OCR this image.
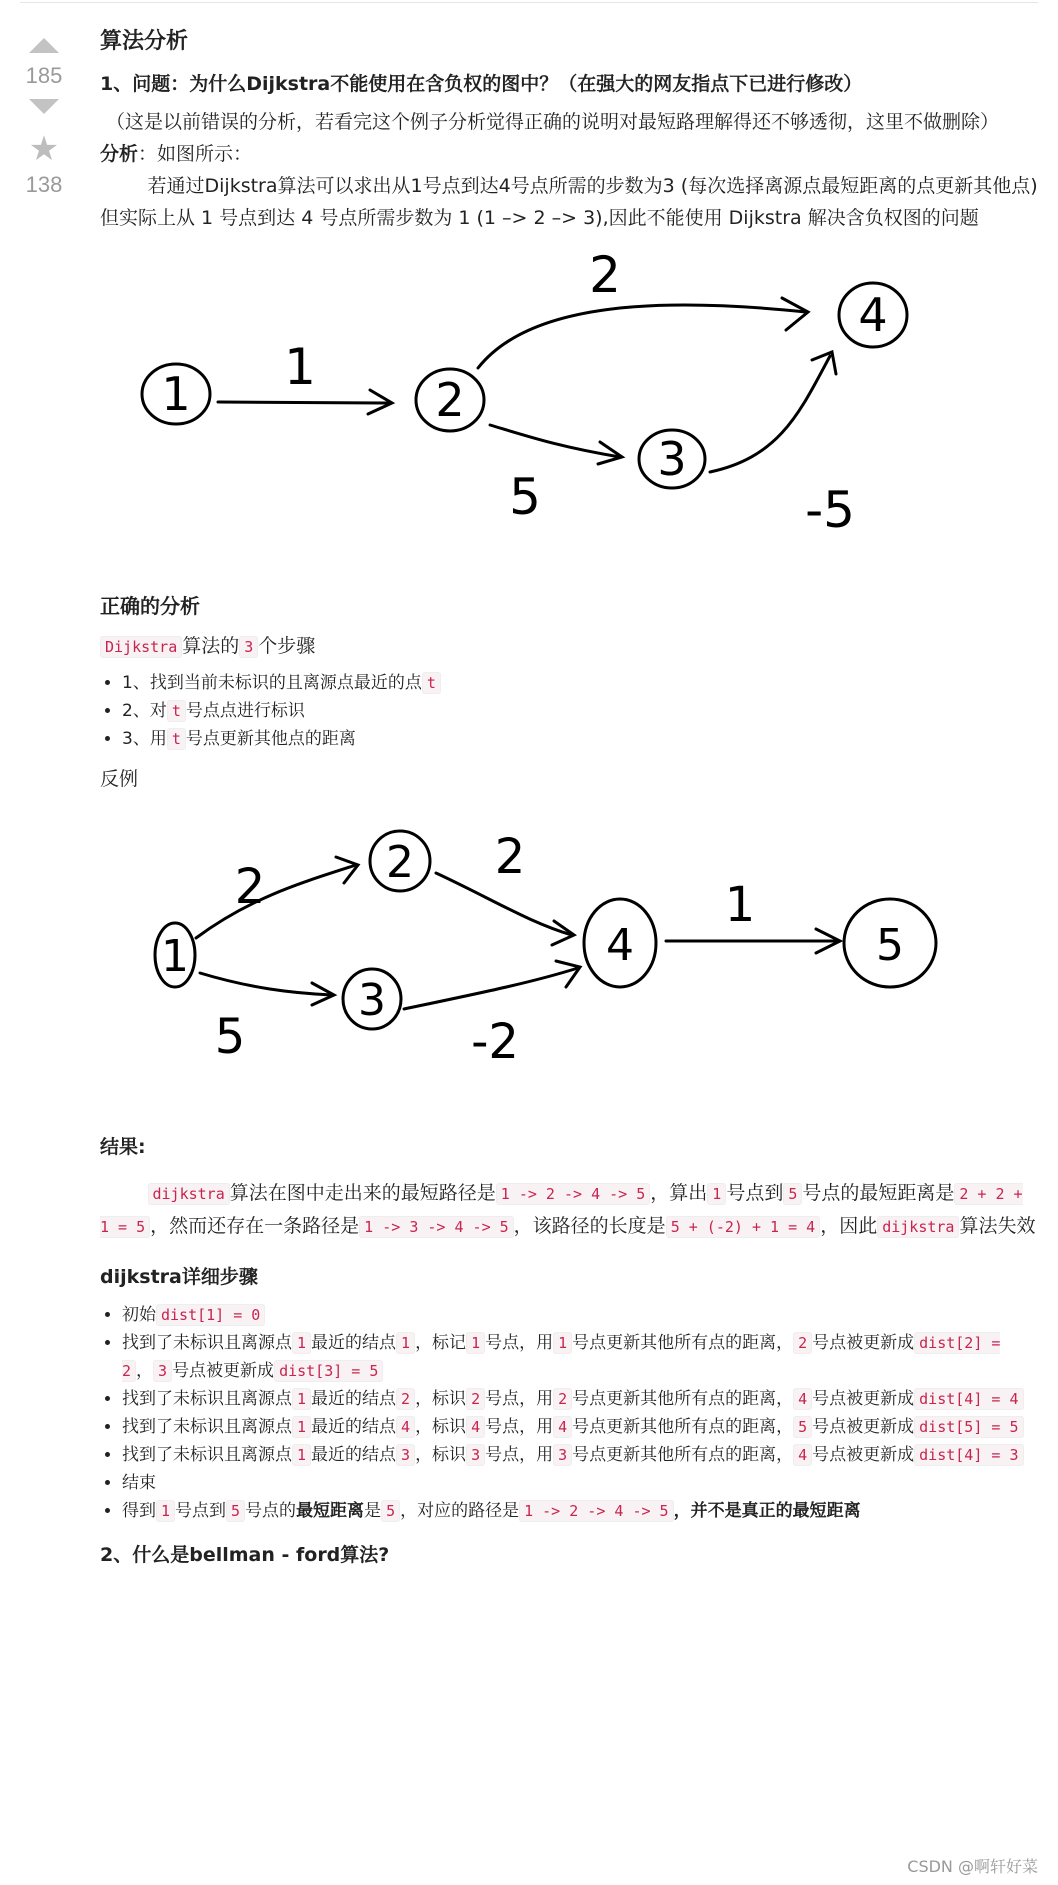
185
★
138
算法分析
1、问题：为什么Dijkstra不能使用在含负权的图中？（在强大的网友指点下已进行修改）

（这是以前错误的分析，若看完这个例子分析觉得正确的说明对最短路理解得还不够透彻，这里不做删除）

分析：如图所示：

若通过Dijkstra算法可以求出从1号点到达4号点所需的步数为3 (每次选择离源点最短距离的点更新其他点)

但实际上从 1 号点到达 4 号点所需步数为 1 (1 –> 2 –> 3),因此不能使用 Dijkstra 解决含负权图的问题

1	2
3
4
1
2
5	-5
正确的分析

Dijkstra 算法的 3 个步骤

• 1、找到当前未标识的且离源点最近的点 t
• 2、对 t 号点点进行标识
• 3、用 t 号点更新其他点的距离

反例

1
2
3
4	5
2
2
1
5	-2
结果:

dijkstra 算法在图中走出来的最短路径是 1 -> 2 -> 4 -> 5 ，算出 1 号点到 5 号点的最短距离是 2 + 2 + 1 = 5 ，然而还存在一条路径是 1 -> 3 -> 4 -> 5 ，该路径的长度是 5 + (-2) + 1 = 4 ，因此 dijkstra 算法失效

dijkstra详细步骤
• 初始 dist[1] = 0
• 找到了未标识且离源点 1 最近的结点 1 ，标记 1 号点，用 1 号点更新其他所有点的距离， 2 号点被更新成 dist[2] = 2 ， 3 号点被更新成 dist[3] = 5
• 找到了未标识且离源点 1 最近的结点 2 ，标识 2 号点，用 2 号点更新其他所有点的距离， 4 号点被更新成 dist[4] = 4
• 找到了未标识且离源点 1 最近的结点 4 ，标识 4 号点，用 4 号点更新其他所有点的距离， 5 号点被更新成 dist[5] = 5
• 找到了未标识且离源点 1 最近的结点 3 ，标识 3 号点，用 3 号点更新其他所有点的距离， 4 号点被更新成 dist[4] = 3
• 结束
• 得到 1 号点到 5 号点的最短距离是 5 ，对应的路径是 1 -> 2 -> 4 -> 5 ，并不是真正的最短距离
2、什么是bellman - ford算法?
CSDN @啊轩好菜
